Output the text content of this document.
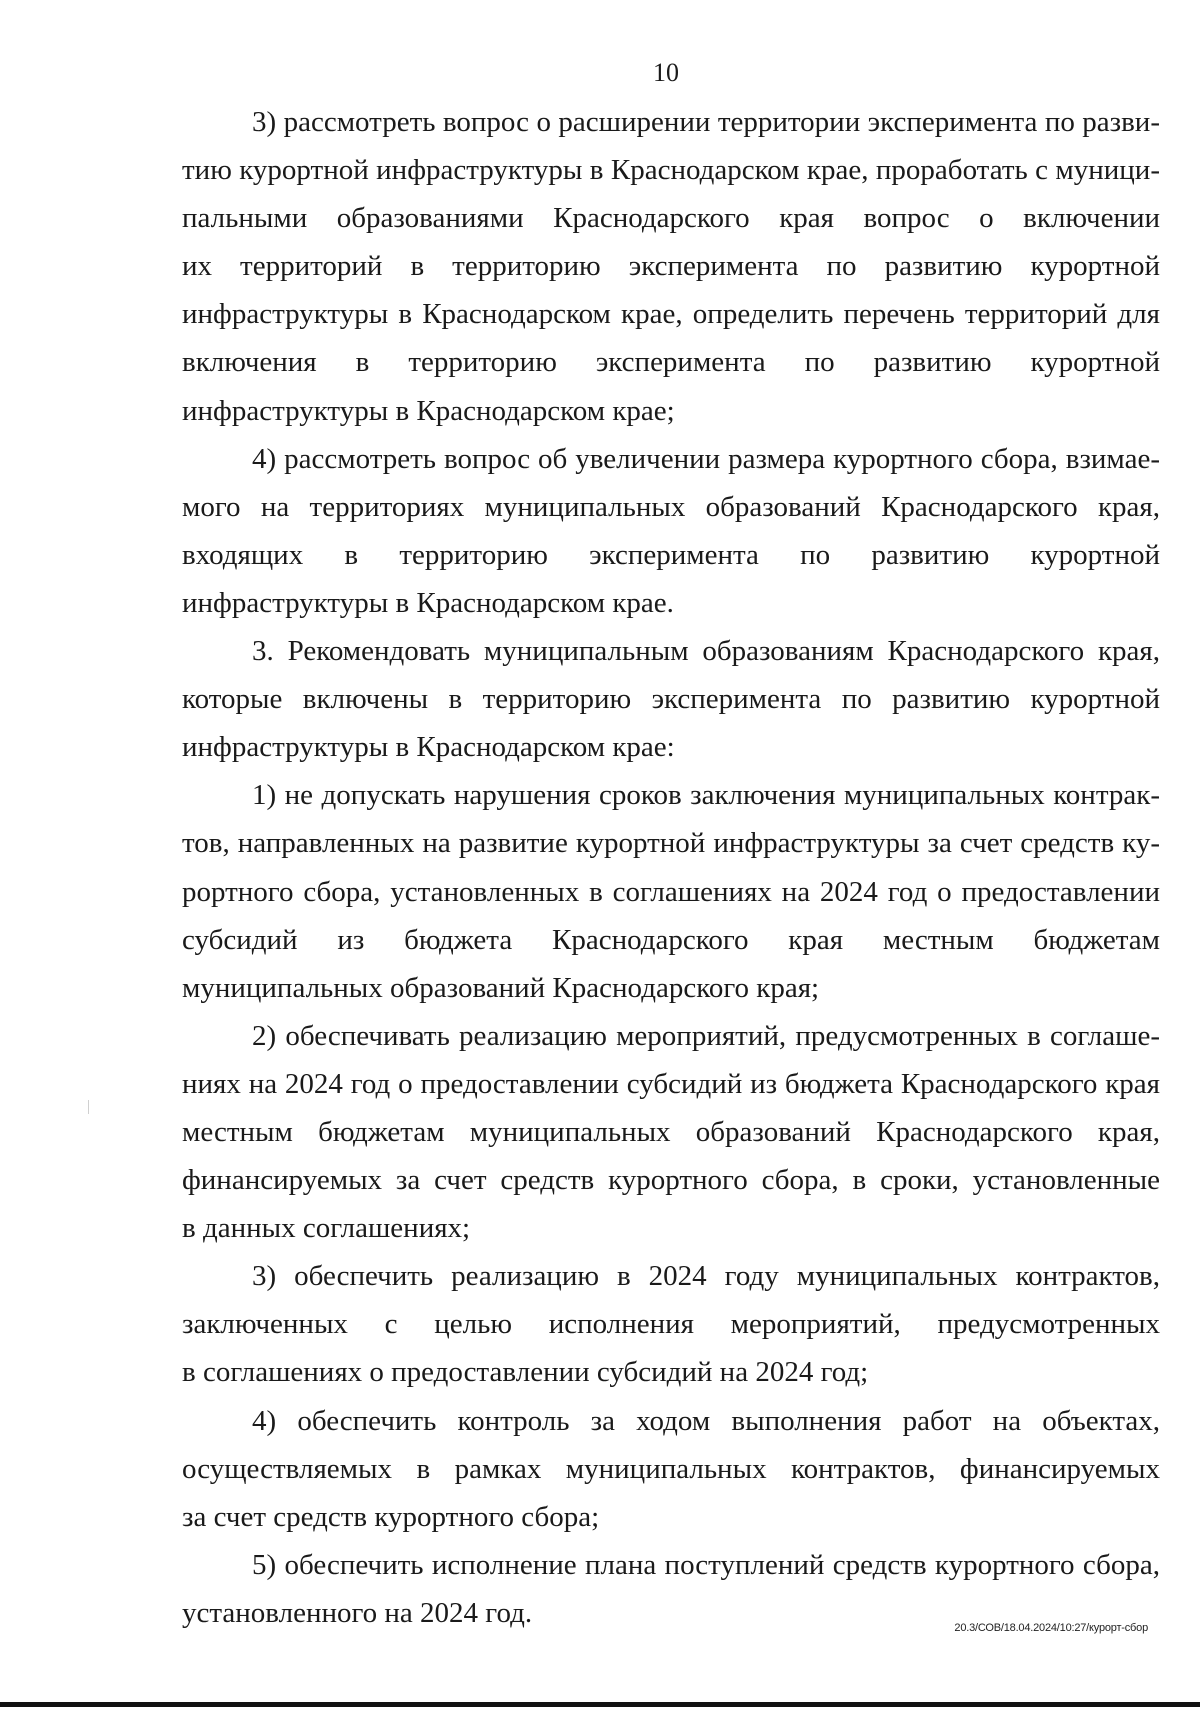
10

3) рассмотреть вопрос о расширении территории эксперимента по развитию курортной инфраструктуры в Краснодарском крае, проработать с муниципальными образованиями Краснодарского края вопрос о включении их территорий в территорию эксперимента по развитию курортной инфраструктуры в Краснодарском крае, определить перечень территорий для включения в территорию эксперимента по развитию курортной инфраструктуры в Краснодарском крае;

4) рассмотреть вопрос об увеличении размера курортного сбора, взимаемого на территориях муниципальных образований Краснодарского края, входящих в территорию эксперимента по развитию курортной инфраструктуры в Краснодарском крае.

3. Рекомендовать муниципальным образованиям Краснодарского края, которые включены в территорию эксперимента по развитию курортной инфраструктуры в Краснодарском крае:

1) не допускать нарушения сроков заключения муниципальных контрактов, направленных на развитие курортной инфраструктуры за счет средств курортного сбора, установленных в соглашениях на 2024 год о предоставлении субсидий из бюджета Краснодарского края местным бюджетам муниципальных образований Краснодарского края;

2) обеспечивать реализацию мероприятий, предусмотренных в соглашениях на 2024 год о предоставлении субсидий из бюджета Краснодарского края местным бюджетам муниципальных образований Краснодарского края, финансируемых за счет средств курортного сбора, в сроки, установленные в данных соглашениях;

3) обеспечить реализацию в 2024 году муниципальных контрактов, заключенных с целью исполнения мероприятий, предусмотренных в соглашениях о предоставлении субсидий на 2024 год;

4) обеспечить контроль за ходом выполнения работ на объектах, осуществляемых в рамках муниципальных контрактов, финансируемых за счет средств курортного сбора;

5) обеспечить исполнение плана поступлений средств курортного сбора, установленного на 2024 год.	20.3/СОВ/18.04.2024/10:27/курорт-сбор
